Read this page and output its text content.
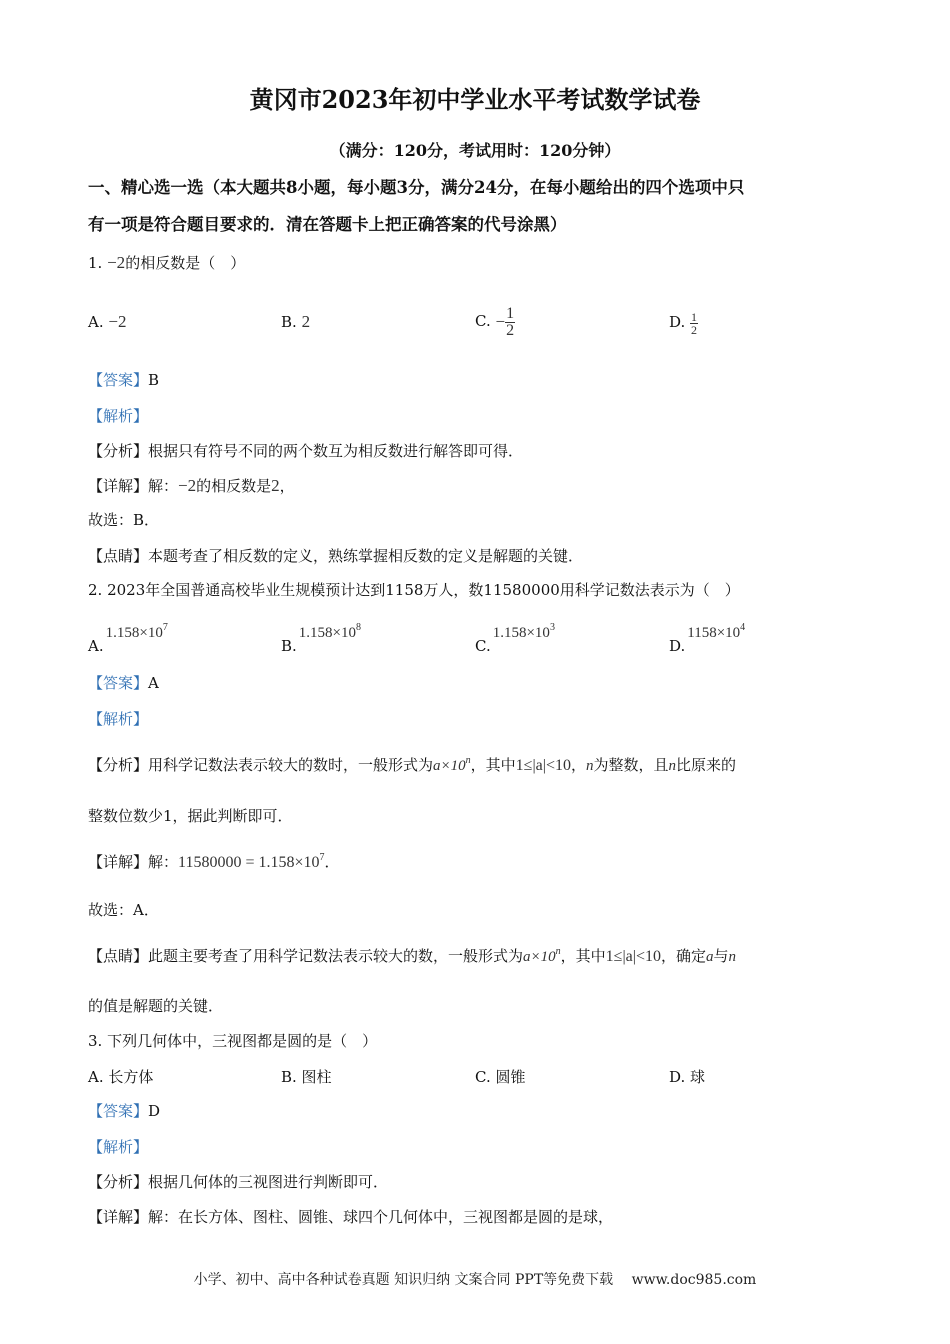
黄冈市2023年初中学业水平考试数学试卷
（满分：120分，考试用时：120分钟）
一、精心选一选（本大题共8小题，每小题3分，满分24分，在每小题给出的四个选项中只
有一项是符合题目要求的．清在答题卡上把正确答案的代号涂黑）
1. −2的相反数是（　）
A. −2	B. 2	C. − $\frac{1}{2}$	D. $\frac{1}{2}$
【答案】B
【解析】
【分析】根据只有符号不同的两个数互为相反数进行解答即可得．
【详解】解：−2的相反数是2，
故选：B．
【点睛】本题考查了相反数的定义，熟练掌握相反数的定义是解题的关键．
2. 2023年全国普通高校毕业生规模预计达到1158万人，数11580000用科学记数法表示为（　）
$A.1.158\times 10^7$
$B.1.158\times 10^8$
$C.1.158\times 10^3$
$D.1158\times 10^4$
【答案】A
【解析】
【分析】用科学记数法表示较大的数时，一般形式为$a\times 10^n$，其中1≤|a|<10，n为整数，且n比原来的
整数位数少1，据此判断即可．
【详解】解：$11580000 = 1.158\times 10^7$．
故选：A．
【点睛】此题主要考查了用科学记数法表示较大的数，一般形式为$a\times 10^n$，其中1≤|a|<10，确定a与n
的值是解题的关键．
3. 下列几何体中，三视图都是圆的是（　）
A. 长方体	B. 图柱	C. 圆锥	D. 球
【答案】D
【解析】
【分析】根据几何体的三视图进行判断即可．
【详解】解：在长方体、图柱、圆锥、球四个几何体中，三视图都是圆的是球，
小学、初中、高中各种试卷真题 知识归纳 文案合同 PPT等免费下载　 www.doc985.com
